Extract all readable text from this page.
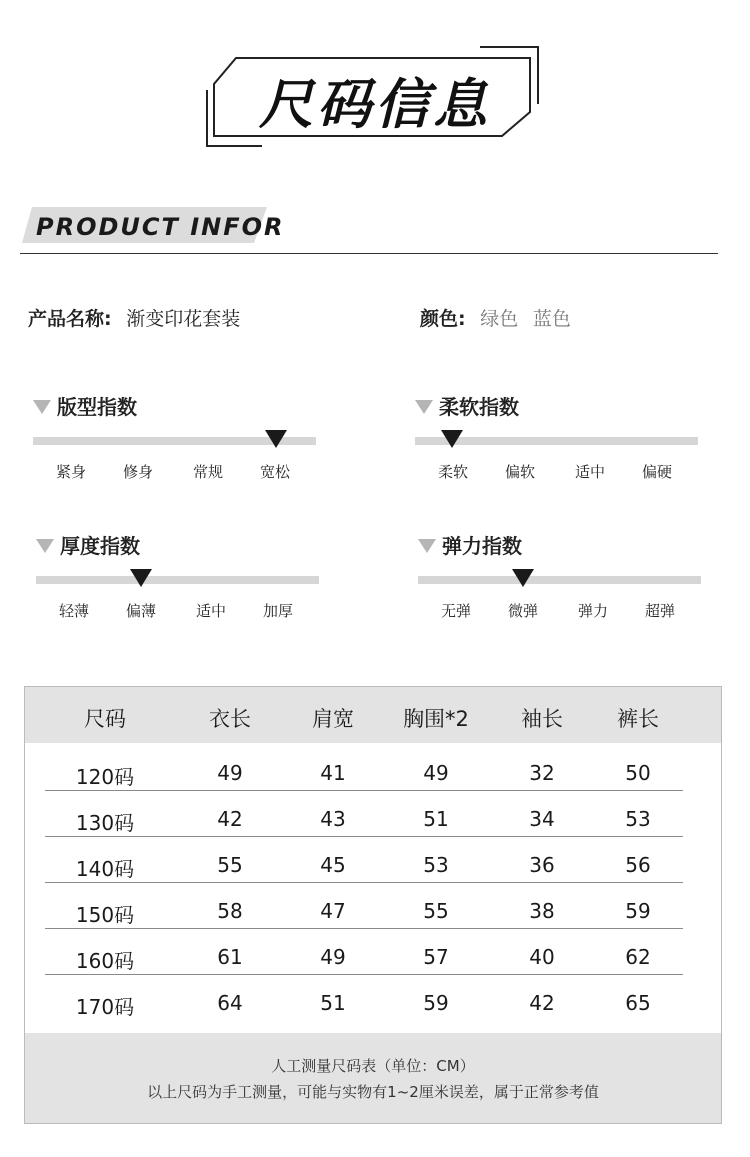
尺码信息
PRODUCT INFOR
产品名称: 渐变印花套装	颜色: 绿色 蓝色
版型指数
紧身	修身	常规	宽松
柔软指数
柔软	偏软	适中	偏硬
厚度指数
轻薄	偏薄	适中	加厚
弹力指数
无弹	微弹	弹力	超弹
尺码	衣长	肩宽	胸围*2	袖长	裤长
120码	49	41	49	32	50
130码	42	43	51	34	53
140码	55	45	53	36	56
150码	58	47	55	38	59
160码	61	49	57	40	62
170码	64	51	59	42	65
人工测量尺码表（单位：CM）
以上尺码为手工测量，可能与实物有1~2厘米误差，属于正常参考值
